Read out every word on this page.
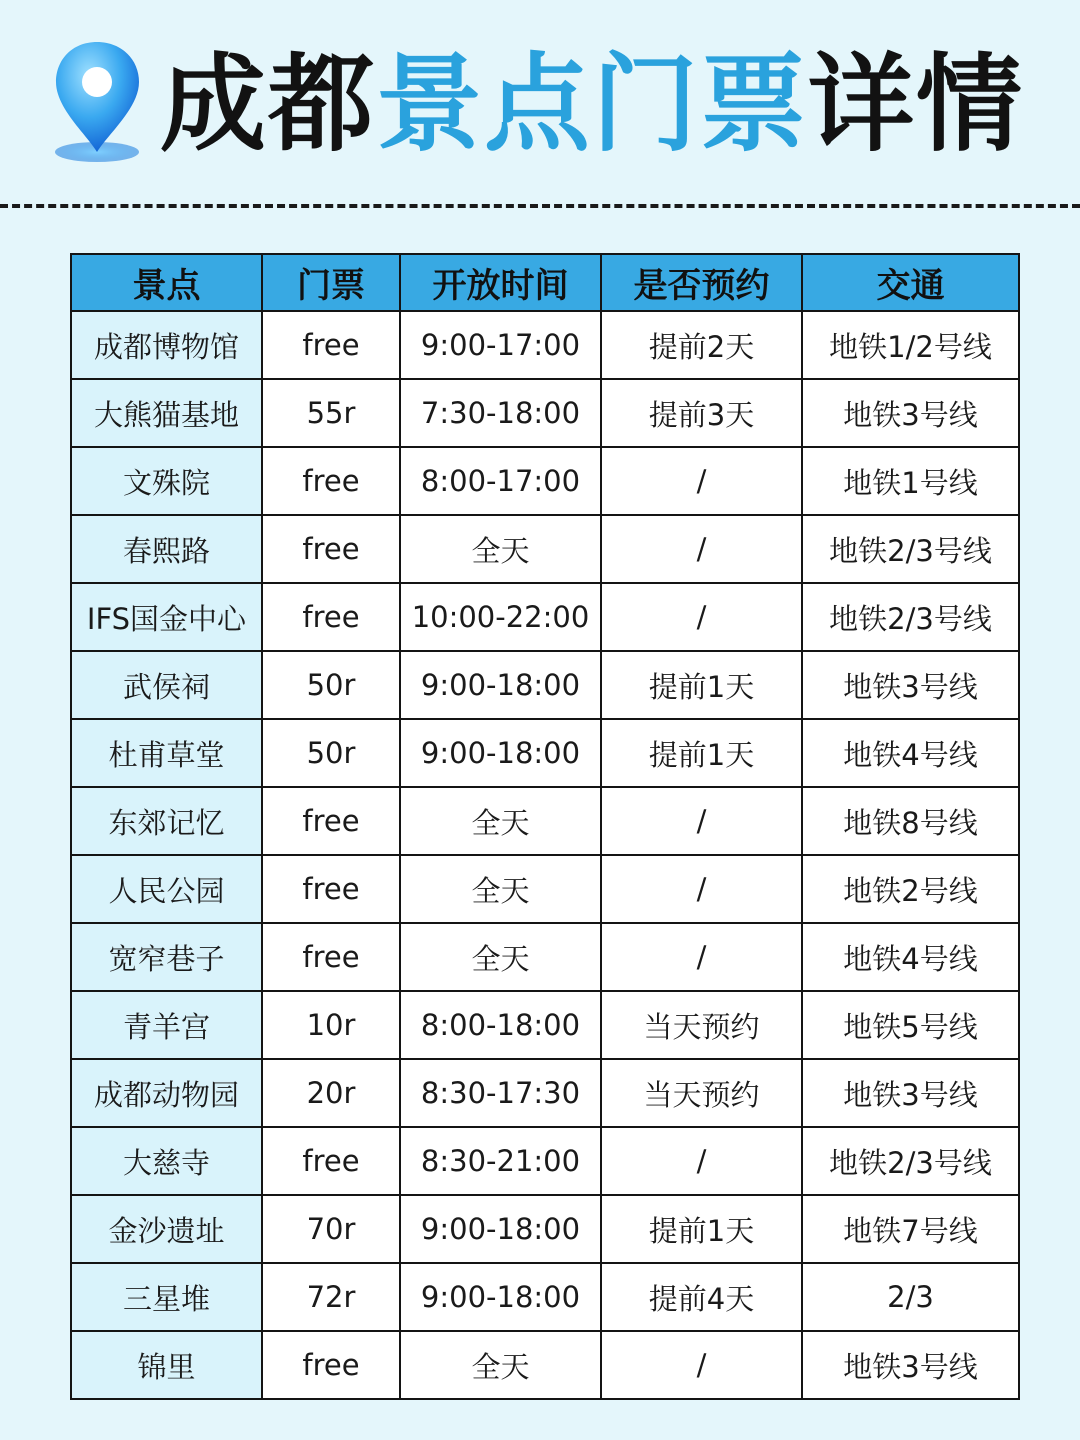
成都景点门票详情
景点	门票	开放时间	是否预约	交通
成都博物馆	free	9:00-17:00	提前2天	地铁1/2号线
大熊猫基地	55r	7:30-18:00	提前3天	地铁3号线
文殊院	free	8:00-17:00	/	地铁1号线
春熙路	free	全天	/	地铁2/3号线
IFS国金中心	free	10:00-22:00	/	地铁2/3号线
武侯祠	50r	9:00-18:00	提前1天	地铁3号线
杜甫草堂	50r	9:00-18:00	提前1天	地铁4号线
东郊记忆	free	全天	/	地铁8号线
人民公园	free	全天	/	地铁2号线
宽窄巷子	free	全天	/	地铁4号线
青羊宫	10r	8:00-18:00	当天预约	地铁5号线
成都动物园	20r	8:30-17:30	当天预约	地铁3号线
大慈寺	free	8:30-21:00	/	地铁2/3号线
金沙遗址	70r	9:00-18:00	提前1天	地铁7号线
三星堆	72r	9:00-18:00	提前4天	2/3
锦里	free	全天	/	地铁3号线
